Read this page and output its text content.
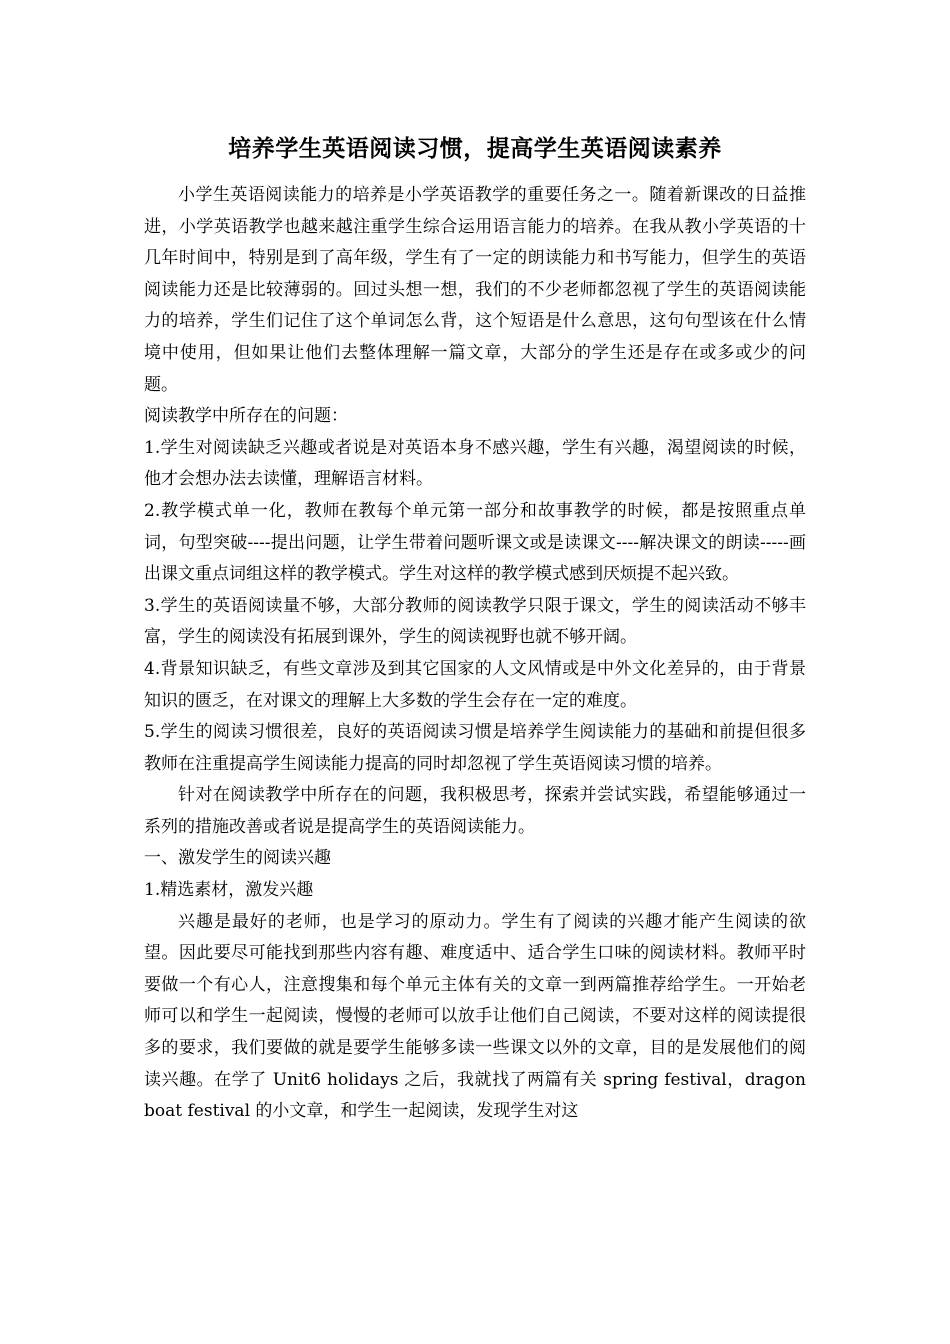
培养学生英语阅读习惯，提高学生英语阅读素养

小学生英语阅读能力的培养是小学英语教学的重要任务之一。随着新课改的日益推进，小学英语教学也越来越注重学生综合运用语言能力的培养。在我从教小学英语的十几年时间中，特别是到了高年级，学生有了一定的朗读能力和书写能力，但学生的英语阅读能力还是比较薄弱的。回过头想一想，我们的不少老师都忽视了学生的英语阅读能力的培养，学生们记住了这个单词怎么背，这个短语是什么意思，这句句型该在什么情境中使用，但如果让他们去整体理解一篇文章，大部分的学生还是存在或多或少的问题。

阅读教学中所存在的问题：

1.学生对阅读缺乏兴趣或者说是对英语本身不感兴趣，学生有兴趣，渴望阅读的时候，他才会想办法去读懂，理解语言材料。

2.教学模式单一化，教师在教每个单元第一部分和故事教学的时候，都是按照重点单词，句型突破----提出问题，让学生带着问题听课文或是读课文----解决课文的朗读-----画出课文重点词组这样的教学模式。学生对这样的教学模式感到厌烦提不起兴致。

3.学生的英语阅读量不够，大部分教师的阅读教学只限于课文，学生的阅读活动不够丰富，学生的阅读没有拓展到课外，学生的阅读视野也就不够开阔。

4.背景知识缺乏，有些文章涉及到其它国家的人文风情或是中外文化差异的，由于背景知识的匮乏，在对课文的理解上大多数的学生会存在一定的难度。

5.学生的阅读习惯很差，良好的英语阅读习惯是培养学生阅读能力的基础和前提但很多教师在注重提高学生阅读能力提高的同时却忽视了学生英语阅读习惯的培养。

针对在阅读教学中所存在的问题，我积极思考，探索并尝试实践，希望能够通过一系列的措施改善或者说是提高学生的英语阅读能力。

一、激发学生的阅读兴趣

1.精选素材，激发兴趣

兴趣是最好的老师，也是学习的原动力。学生有了阅读的兴趣才能产生阅读的欲望。因此要尽可能找到那些内容有趣、难度适中、适合学生口味的阅读材料。教师平时要做一个有心人，注意搜集和每个单元主体有关的文章一到两篇推荐给学生。一开始老师可以和学生一起阅读，慢慢的老师可以放手让他们自己阅读，不要对这样的阅读提很多的要求，我们要做的就是要学生能够多读一些课文以外的文章，目的是发展他们的阅读兴趣。在学了 Unit6 holidays 之后，我就找了两篇有关 spring festival，dragon boat festival 的小文章，和学生一起阅读，发现学生对这
